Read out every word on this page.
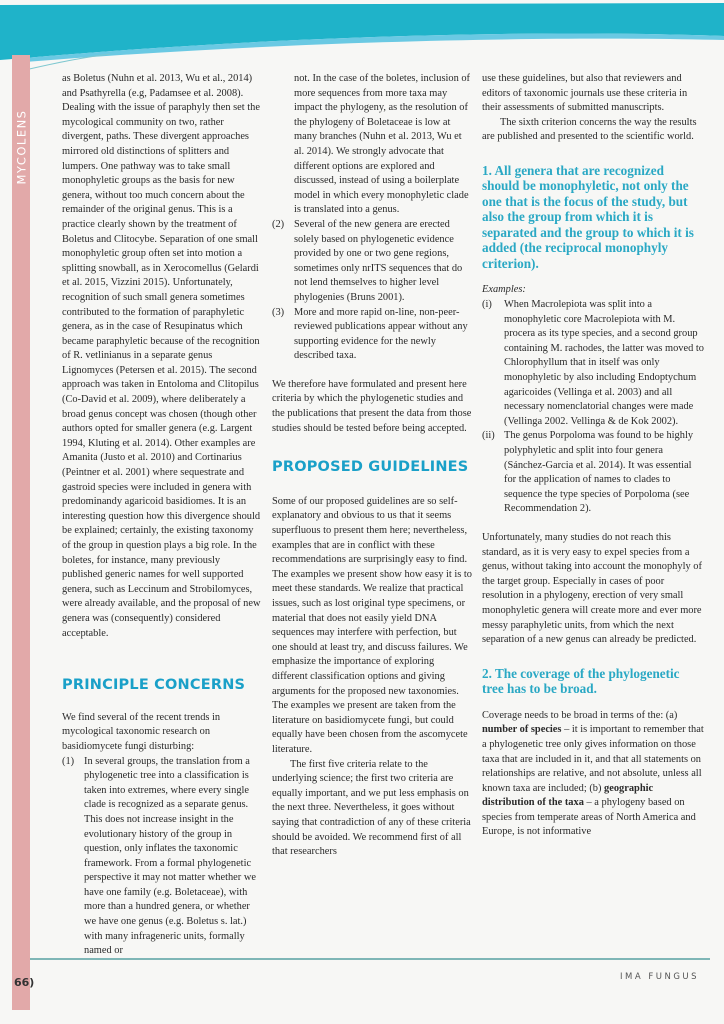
MYCOLENS

as Boletus (Nuhn et al. 2013, Wu et al., 2014) and Psathyrella (e.g, Padamsee et al. 2008). Dealing with the issue of paraphyly then set the mycological community on two, rather divergent, paths. These divergent approaches mirrored old distinctions of splitters and lumpers. One pathway was to take small monophyletic groups as the basis for new genera, without too much concern about the remainder of the original genus. This is a practice clearly shown by the treatment of Boletus and Clitocybe. Separation of one small monophyletic group often set into motion a splitting snowball, as in Xerocomellus (Gelardi et al. 2015, Vizzini 2015). Unfortunately, recognition of such small genera sometimes contributed to the formation of paraphyletic genera, as in the case of Resupinatus which became paraphyletic because of the recognition of R. vetlinianus in a separate genus Lignomyces (Petersen et al. 2015). The second approach was taken in Entoloma and Clitopilus (Co-David et al. 2009), where deliberately a broad genus concept was chosen (though other authors opted for smaller genera (e.g. Largent 1994, Kluting et al. 2014). Other examples are Amanita (Justo et al. 2010) and Cortinarius (Peintner et al. 2001) where sequestrate and gastroid species were included in genera with predominandy agaricoid basidiomes. It is an interesting question how this divergence should be explained; certainly, the existing taxonomy of the group in question plays a big role. In the boletes, for instance, many previously published generic names for well supported genera, such as Leccinum and Strobilomyces, were already available, and the proposal of new genera was (consequently) considered acceptable.

PRINCIPLE CONCERNS

We find several of the recent trends in mycological taxonomic research on basidiomycete fungi disturbing:

(1) In several groups, the translation from a phylogenetic tree into a classification is taken into extremes, where every single clade is recognized as a separate genus. This does not increase insight in the evolutionary history of the group in question, only inflates the taxonomic framework. From a formal phylogenetic perspective it may not matter whether we have one family (e.g. Boletaceae), with more than a hundred genera, or whether we have one genus (e.g. Boletus s. lat.) with many infrageneric units, formally named or
not. In the case of the boletes, inclusion of more sequences from more taxa may impact the phylogeny, as the resolution of the phylogeny of Boletaceae is low at many branches (Nuhn et al. 2013, Wu et al. 2014). We strongly advocate that different options are explored and discussed, instead of using a boilerplate model in which every monophyletic clade is translated into a genus.
(2) Several of the new genera are erected solely based on phylogenetic evidence provided by one or two gene regions, sometimes only nrITS sequences that do not lend themselves to higher level phylogenies (Bruns 2001).
(3) More and more rapid on-line, non-peer-reviewed publications appear without any supporting evidence for the newly described taxa.

We therefore have formulated and present here criteria by which the phylogenetic studies and the publications that present the data from those studies should be tested before being accepted.

PROPOSED GUIDELINES

Some of our proposed guidelines are so self-explanatory and obvious to us that it seems superfluous to present them here; nevertheless, examples that are in conflict with these recommendations are surprisingly easy to find. The examples we present show how easy it is to meet these standards. We realize that practical issues, such as lost original type specimens, or material that does not easily yield DNA sequences may interfere with perfection, but one should at least try, and discuss failures. We emphasize the importance of exploring different classification options and giving arguments for the proposed new taxonomies. The examples we present are taken from the literature on basidiomycete fungi, but could equally have been chosen from the ascomycete literature.

The first five criteria relate to the underlying science; the first two criteria are equally important, and we put less emphasis on the next three. Nevertheless, it goes without saying that contradiction of any of these criteria should be avoided. We recommend first of all that researchers

use these guidelines, but also that reviewers and editors of taxonomic journals use these criteria in their assessments of submitted manuscripts.

The sixth criterion concerns the way the results are published and presented to the scientific world.

1. All genera that are recognized should be monophyletic, not only the one that is the focus of the study, but also the group from which it is separated and the group to which it is added (the reciprocal monophyly criterion).

Examples:

(i)	When Macrolepiota was split into a monophyletic core Macrolepiota with M. procera as its type species, and a second group containing M. rachodes, the latter was moved to Chlorophyllum that in itself was only monophyletic by also including Endoptychum agaricoides (Vellinga et al. 2003) and all necessary nomenclatorial changes were made (Vellinga 2002. Vellinga & de Kok 2002).
(ii) The genus Porpoloma was found to be highly polyphyletic and split into four genera (Sánchez-Garcia et al. 2014). It was essential for the application of names to clades to sequence the type species of Porpoloma (see Recommendation 2).

Unfortunately, many studies do not reach this standard, as it is very easy to expel species from a genus, without taking into account the monophyly of the target group. Especially in cases of poor resolution in a phylogeny, erection of very small monophyletic genera will create more and ever more messy paraphyletic units, from which the next separation of a new genus can already be predicted.

2. The coverage of the phylogenetic tree has to be broad.

Coverage needs to be broad in terms of the: (a) number of species – it is important to remember that a phylogenetic tree only gives information on those taxa that are included in it, and that all statements on relationships are relative, and not absolute, unless all known taxa are included; (b) geographic distribution of the taxa – a phylogeny based on species from temperate areas of North America and Europe, is not informative

66)	IMA FUNGUS
